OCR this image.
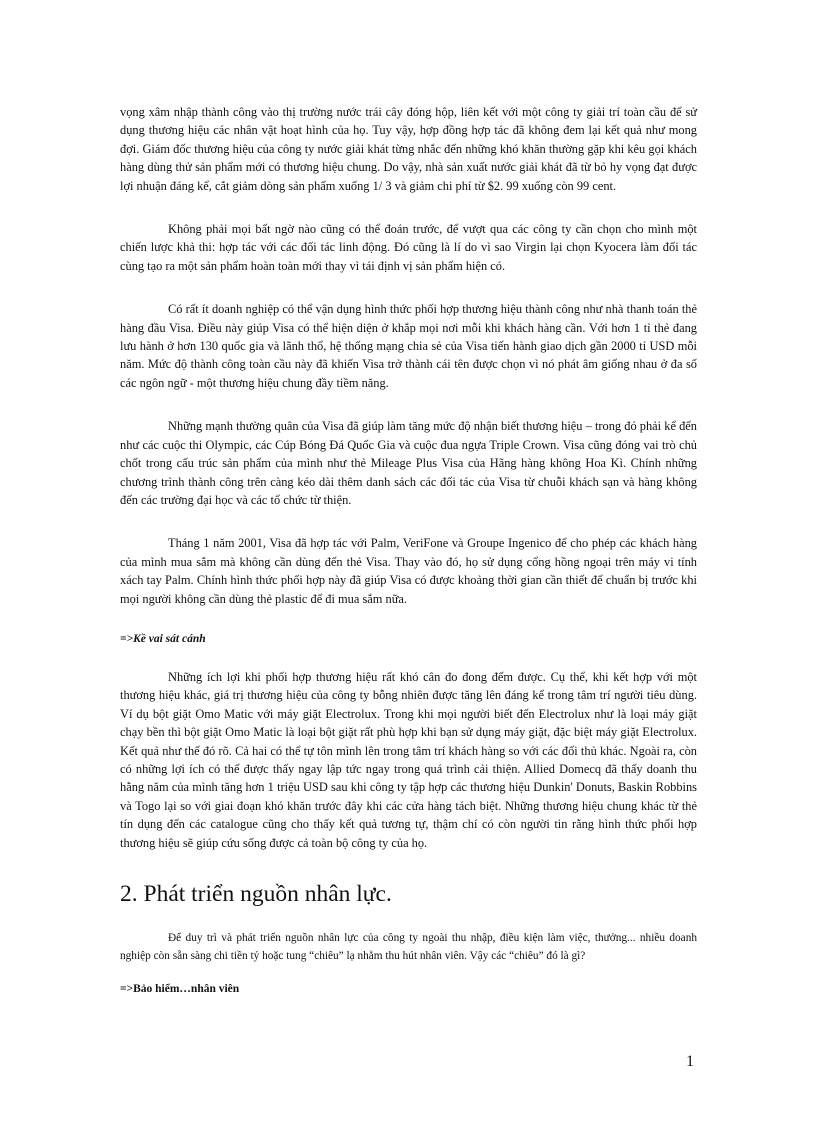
vọng xâm nhập thành công vào thị trường nước trái cây đóng hộp, liên kết với một công ty giải trí toàn cầu để sử dụng thương hiệu các nhân vật hoạt hình của họ. Tuy vậy, hợp đồng hợp tác đã không đem lại kết quả như mong đợi. Giám đốc thương hiệu của công ty nước giải khát từng nhắc đến những khó khăn thường gặp khi kêu gọi khách hàng dùng thử sản phẩm mới có thương hiệu chung. Do vậy, nhà sản xuất nước giải khát đã từ bỏ hy vọng đạt được lợi nhuận đáng kể, cắt giảm dòng sản phẩm xuống 1/ 3 và giảm chi phí từ $2. 99 xuống còn 99 cent.

Không phải mọi bất ngờ nào cũng có thể đoán trước, để vượt qua các công ty cần chọn cho mình một chiến lược khả thi: hợp tác với các đối tác linh động. Đó cũng là lí do vì sao Virgin lại chọn Kyocera làm đối tác cùng tạo ra một sản phẩm hoàn toàn mới thay vì tái định vị sản phẩm hiện có.

Có rất ít doanh nghiệp có thể vận dụng hình thức phối hợp thương hiệu thành công như nhà thanh toán thẻ hàng đầu Visa. Điều này giúp Visa có thể hiện diện ở khắp mọi nơi mỗi khi khách hàng cần. Với hơn 1 tỉ thẻ đang lưu hành ở hơn 130 quốc gia và lãnh thổ, hệ thống mạng chia sẻ của Visa tiến hành giao dịch gần 2000 tỉ USD mỗi năm. Mức độ thành công toàn cầu này đã khiến Visa trở thành cái tên được chọn vì nó phát âm giống nhau ở đa số các ngôn ngữ - một thương hiệu chung đầy tiềm năng.

Những mạnh thường quân của Visa đã giúp làm tăng mức độ nhận biết thương hiệu – trong đó phải kể đến như các cuộc thi Olympic, các Cúp Bóng Đá Quốc Gia và cuộc đua ngựa Triple Crown. Visa cũng đóng vai trò chủ chốt trong cấu trúc sản phẩm của mình như thẻ Mileage Plus Visa của Hãng hàng không Hoa Kì. Chính những chương trình thành công trên càng kéo dài thêm danh sách các đối tác của Visa từ chuỗi khách sạn và hàng không đến các trường đại học và các tổ chức từ thiện.

Tháng 1 năm 2001, Visa đã hợp tác với Palm, VeriFone và Groupe Ingenico để cho phép các khách hàng của mình mua sắm mà không cần dùng đến thẻ Visa. Thay vào đó, họ sử dụng cổng hồng ngoại trên máy vi tính xách tay Palm. Chính hình thức phối hợp này đã giúp Visa có được khoảng thời gian cần thiết để chuẩn bị trước khi mọi người không cần dùng thẻ plastic để đi mua sắm nữa.

=>Kề vai sát cánh

Những ích lợi khi phối hợp thương hiệu rất khó cân đo đong đếm được. Cụ thể, khi kết hợp với một thương hiệu khác, giá trị thương hiệu của công ty bỗng nhiên được tăng lên đáng kể trong tâm trí người tiêu dùng. Ví dụ bột giặt Omo Matic với máy giặt Electrolux. Trong khi mọi người biết đến Electrolux như là loại máy giặt chạy bền thì bột giặt Omo Matic là loại bột giặt rất phù hợp khi bạn sử dụng máy giặt, đặc biệt máy giặt Electrolux. Kết quả như thế đó rõ. Cả hai có thể tự tôn mình lên trong tâm trí khách hàng so với các đối thủ khác. Ngoài ra, còn có những lợi ích có thể được thấy ngay lập tức ngay trong quá trình cải thiện. Allied Domecq đã thấy doanh thu hằng năm của mình tăng hơn 1 triệu USD sau khi công ty tập hợp các thương hiệu Dunkin' Donuts, Baskin Robbins và Togo lại so với giai đoạn khó khăn trước đây khi các cửa hàng tách biệt. Những thương hiệu chung khác từ thẻ tín dụng đến các catalogue cũng cho thấy kết quả tương tự, thậm chí có còn người tin rằng hình thức phối hợp thương hiệu sẽ giúp cứu sống được cả toàn bộ công ty của họ.

2. Phát triển nguồn nhân lực.

Để duy trì và phát triển nguồn nhân lực của công ty ngoài thu nhập, điều kiện làm việc, thưởng... nhiều doanh nghiệp còn sẵn sàng chi tiền tỷ hoặc tung “chiêu” lạ nhằm thu hút nhân viên. Vậy các “chiêu” đó là gì?

=>Bảo hiểm…nhân viên
1
